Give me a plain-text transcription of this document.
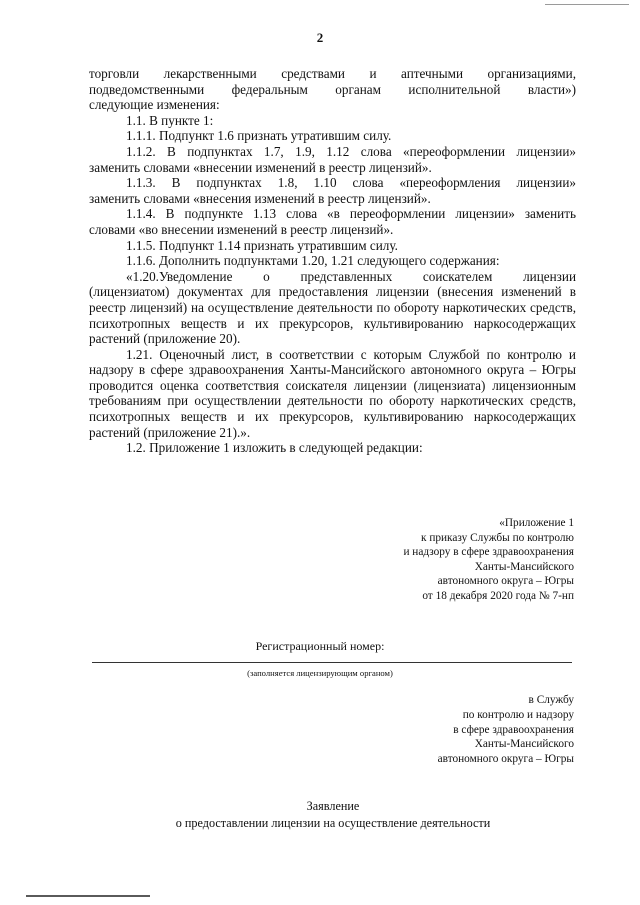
2

торговли лекарственными средствами и аптечными организациями,

подведомственными федеральным органам исполнительной власти»)

следующие изменения:

1.1. В пункте 1:

1.1.1. Подпункт 1.6 признать утратившим силу.

1.1.2. В подпунктах 1.7, 1.9, 1.12 слова «переоформлении лицензии»

заменить словами «внесении изменений в реестр лицензий».

1.1.3. В подпунктах 1.8, 1.10 слова «переоформления лицензии»

заменить словами «внесения изменений в реестр лицензий».

1.1.4. В подпункте 1.13 слова «в переоформлении лицензии» заменить

словами «во внесении изменений в реестр лицензий».

1.1.5. Подпункт 1.14 признать утратившим силу.

1.1.6. Дополнить подпунктами 1.20, 1.21 следующего содержания:

«1.20.Уведомление о представленных соискателем лицензии

(лицензиатом) документах для предоставления лицензии (внесения изменений в реестр лицензий) на осуществление деятельности по обороту наркотических средств, психотропных веществ и их прекурсоров, культивированию наркосодержащих растений (приложение 20).

1.21. Оценочный лист, в соответствии с которым Службой по контролю и надзору в сфере здравоохранения Ханты-Мансийского автономного округа – Югры проводится оценка соответствия соискателя лицензии (лицензиата) лицензионным требованиям при осуществлении деятельности по обороту наркотических средств, психотропных веществ и их прекурсоров, культивированию наркосодержащих растений (приложение 21).».

1.2. Приложение 1 изложить в следующей редакции:

«Приложение 1
к приказу Службы по контролю
и надзору в сфере здравоохранения
Ханты-Мансийского
автономного округа – Югры
от 18 декабря 2020 года № 7-нп
Регистрационный номер:
(заполняется лицензирующим органом)
в Службу
по контролю и надзору
в сфере здравоохранения
Ханты-Мансийского
автономного округа – Югры
Заявление
о предоставлении лицензии на осуществление деятельности
